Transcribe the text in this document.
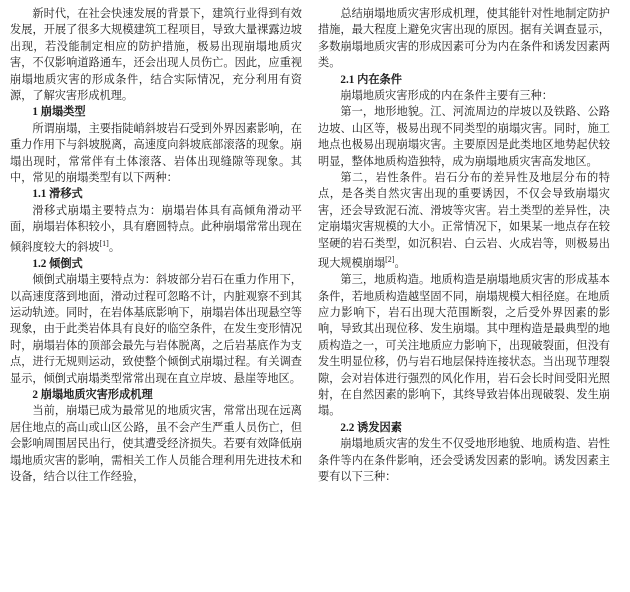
新时代，在社会快速发展的背景下，建筑行业得到有效发展，开展了很多大规模建筑工程项目，导致大量裸露边坡出现，若没能制定相应的防护措施，极易出现崩塌地质灾害，不仅影响道路通车，还会出现人员伤亡。因此，应重视崩塌地质灾害的形成条件，结合实际情况，充分利用有资源，了解灾害形成机理。

1 崩塌类型

所谓崩塌，主要指陡峭斜坡岩石受到外界因素影响，在重力作用下与斜坡脱离，高速度向斜坡底部滚落的现象。崩塌出现时，常常伴有土体滚落、岩体出现缝隙等现象。其中，常见的崩塌类型有以下两种：

1.1 滑移式

滑移式崩塌主要特点为：崩塌岩体具有高倾角滑动平面，崩塌岩体积较小，具有磨圆特点。此种崩塌常常出现在倾斜度较大的斜坡[1]。

1.2 倾倒式

倾倒式崩塌主要特点为：斜坡部分岩石在重力作用下，以高速度落到地面，滑动过程可忽略不计，内脏观察不到其运动轨迹。同时，在岩体基底影响下，崩塌岩体出现悬空等现象，由于此类岩体具有良好的临空条件，在发生变形情况时，崩塌岩体的顶部会最先与岩体脱离，之后岩基底作为支点，进行无规则运动，致使整个倾倒式崩塌过程。有关调查显示，倾倒式崩塌类型常常出现在直立岸坡、悬崖等地区。

2 崩塌地质灾害形成机理

当前，崩塌已成为最常见的地质灾害，常常出现在远离居住地点的高山或山区公路，虽不会产生严重人员伤亡，但会影响周围居民出行，使其遭受经济损失。若要有效降低崩塌地质灾害的影响，需相关工作人员能合理利用先进技术和设备，结合以往工作经验，

总结崩塌地质灾害形成机理，使其能针对性地制定防护措施，最大程度上避免灾害出现的原因。据有关调查显示，多数崩塌地质灾害的形成因素可分为内在条件和诱发因素两类。

2.1 内在条件

崩塌地质灾害形成的内在条件主要有三种：

第一，地形地貌。江、河流周边的岸坡以及铁路、公路边坡、山区等，极易出现不同类型的崩塌灾害。同时，施工地点也极易出现崩塌灾害。主要原因是此类地区地势起伏较明显，整体地质构造独特，成为崩塌地质灾害高发地区。

第二，岩性条件。岩石分布的差异性及地层分布的特点，是各类自然灾害出现的重要诱因，不仅会导致崩塌灾害，还会导致泥石流、滑坡等灾害。岩土类型的差异性，决定崩塌灾害规模的大小。正常情况下，如果某一地点存在较坚硬的岩石类型，如沉积岩、白云岩、火成岩等，则极易出现大规模崩塌[2]。

第三，地质构造。地质构造是崩塌地质灾害的形成基本条件，若地质构造越坚固不同，崩塌规模大相径庭。在地质应力影响下，岩石出现大范围断裂，之后受外界因素的影响，导致其出现位移、发生崩塌。其中理构造是最典型的地质构造之一，可关注地质应力影响下，出现破裂面，但没有发生明显位移，仍与岩石地层保持连接状态。当出现节理裂隙，会对岩体进行强烈的风化作用，岩石会长时间受阳光照射，在自然因素的影响下，其终导致岩体出现破裂、发生崩塌。

2.2 诱发因素

崩塌地质灾害的发生不仅受地形地貌、地质构造、岩性条件等内在条件影响，还会受诱发因素的影响。诱发因素主要有以下三种：
